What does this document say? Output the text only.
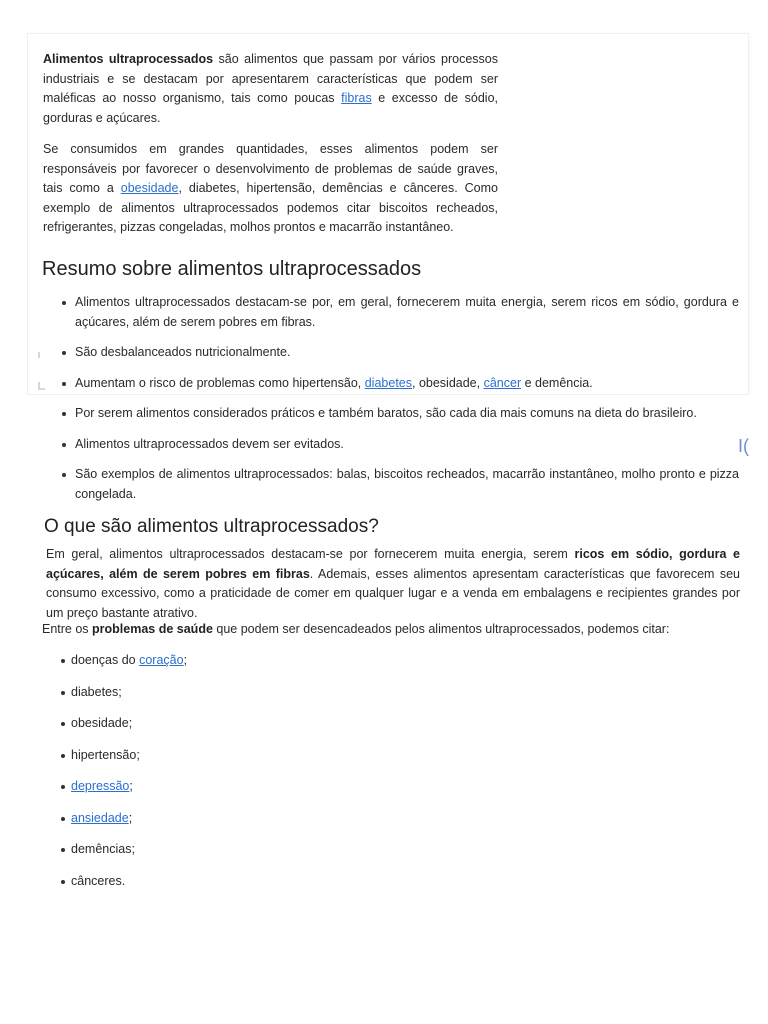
Alimentos ultraprocessados são alimentos que passam por vários processos industriais e se destacam por apresentarem características que podem ser maléficas ao nosso organismo, tais como poucas fibras e excesso de sódio, gorduras e açúcares.

Se consumidos em grandes quantidades, esses alimentos podem ser responsáveis por favorecer o desenvolvimento de problemas de saúde graves, tais como a obesidade, diabetes, hipertensão, demências e cânceres. Como exemplo de alimentos ultraprocessados podemos citar biscoitos recheados, refrigerantes, pizzas congeladas, molhos prontos e macarrão instantâneo.

Resumo sobre alimentos ultraprocessados
Alimentos ultraprocessados destacam-se por, em geral, fornecerem muita energia, serem ricos em sódio, gordura e açúcares, além de serem pobres em fibras.
São desbalanceados nutricionalmente.
Aumentam o risco de problemas como hipertensão, diabetes, obesidade, câncer e demência.
Por serem alimentos considerados práticos e também baratos, são cada dia mais comuns na dieta do brasileiro.
Alimentos ultraprocessados devem ser evitados.
São exemplos de alimentos ultraprocessados: balas, biscoitos recheados, macarrão instantâneo, molho pronto e pizza congelada.
I(
O que são alimentos ultraprocessados?

Em geral, alimentos ultraprocessados destacam-se por fornecerem muita energia, serem ricos em sódio, gordura e açúcares, além de serem pobres em fibras. Ademais, esses alimentos apresentam características que favorecem seu consumo excessivo, como a praticidade de comer em qualquer lugar e a venda em embalagens e recipientes grandes por um preço bastante atrativo.

Entre os problemas de saúde que podem ser desencadeados pelos alimentos ultraprocessados, podemos citar:

doenças do coração;
diabetes;
obesidade;
hipertensão;
depressão;
ansiedade;
demências;
cânceres.
